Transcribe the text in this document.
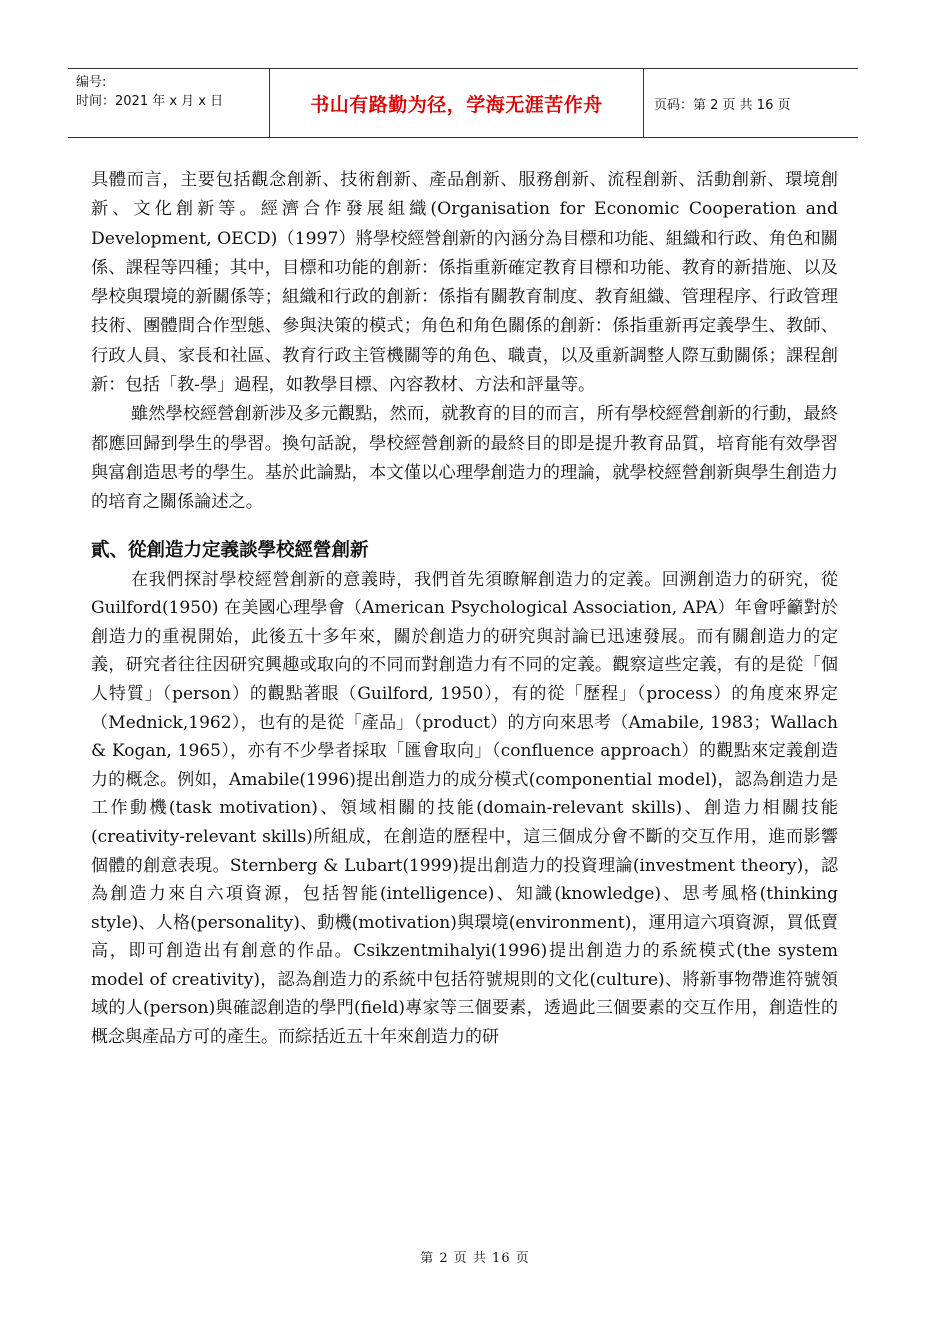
编号:
时间：2021 年 x 月 x 日	书山有路勤为径，学海无涯苦作舟	页码：第 2 页 共 16 页

具體而言，主要包括觀念創新、技術創新、產品創新、服務創新、流程創新、活動創新、環境創新、文化創新等。經濟合作發展組織(Organisation for Economic Cooperation and Development, OECD)（1997）將學校經營創新的內涵分為目標和功能、組織和行政、角色和關係、課程等四種；其中，目標和功能的創新：係指重新確定教育目標和功能、教育的新措施、以及學校與環境的新關係等；組織和行政的創新：係指有關教育制度、教育組織、管理程序、行政管理技術、團體間合作型態、參與決策的模式；角色和角色關係的創新：係指重新再定義學生、教師、行政人員、家長和社區、教育行政主管機關等的角色、職責，以及重新調整人際互動關係；課程創新：包括「教-學」過程，如教學目標、內容教材、方法和評量等。

雖然學校經營創新涉及多元觀點，然而，就教育的目的而言，所有學校經營創新的行動，最終都應回歸到學生的學習。換句話說，學校經營創新的最終目的即是提升教育品質，培育能有效學習與富創造思考的學生。基於此論點，本文僅以心理學創造力的理論，就學校經營創新與學生創造力的培育之關係論述之。

貳、從創造力定義談學校經營創新

在我們探討學校經營創新的意義時，我們首先須瞭解創造力的定義。回溯創造力的研究，從 Guilford(1950) 在美國心理學會（American Psychological Association, APA）年會呼籲對於創造力的重視開始，此後五十多年來，關於創造力的研究與討論已迅速發展。而有關創造力的定義，研究者往往因研究興趣或取向的不同而對創造力有不同的定義。觀察這些定義，有的是從「個人特質」（person）的觀點著眼（Guilford, 1950），有的從「歷程」（process）的角度來界定（Mednick,1962），也有的是從「產品」（product）的方向來思考（Amabile, 1983；Wallach & Kogan, 1965），亦有不少學者採取「匯會取向」（confluence approach）的觀點來定義創造力的概念。例如，Amabile(1996)提出創造力的成分模式(componential model)，認為創造力是工作動機(task motivation)、領域相關的技能(domain-relevant skills)、創造力相關技能(creativity-relevant skills)所組成，在創造的歷程中，這三個成分會不斷的交互作用，進而影響個體的創意表現。Sternberg & Lubart(1999)提出創造力的投資理論(investment theory)，認為創造力來自六項資源，包括智能(intelligence)、知識(knowledge)、思考風格(thinking style)、人格(personality)、動機(motivation)與環境(environment)，運用這六項資源，買低賣高，即可創造出有創意的作品。Csikzentmihalyi(1996)提出創造力的系統模式(the system model of creativity)，認為創造力的系統中包括符號規則的文化(culture)、將新事物帶進符號領域的人(person)與確認創造的學門(field)專家等三個要素，透過此三個要素的交互作用，創造性的概念與產品方可的產生。而綜括近五十年來創造力的研

第 2 页 共 16 页
